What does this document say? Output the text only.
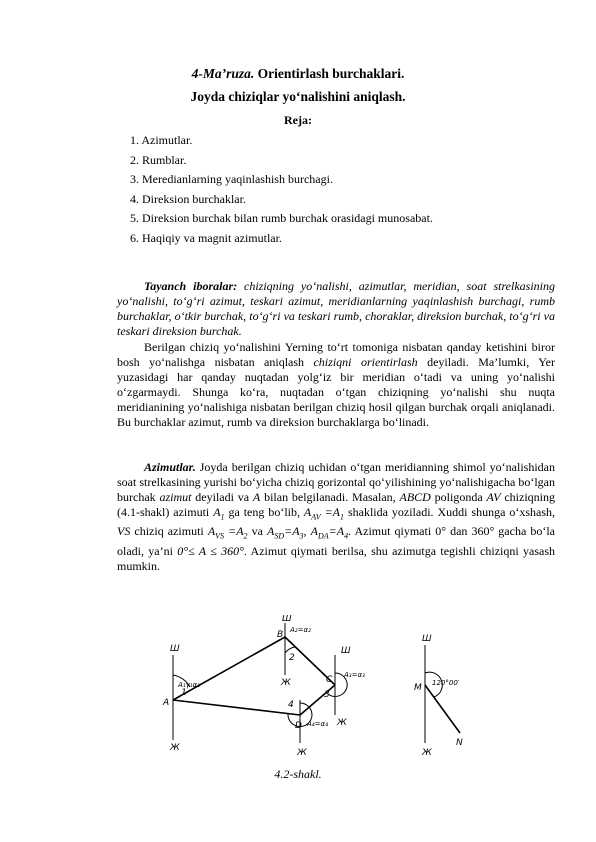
4-Ma’ruza. Orientirlash burchaklari.
Joyda chiziqlar yo‘nalishini aniqlash.
Reja:
1. Azimutlar.
2. Rumblar.
3. Meredianlarning yaqinlashish burchagi.
4. Direksion burchaklar.
5. Direksion burchak bilan rumb burchak orasidagi munosabat.
6. Haqiqiy va magnit azimutlar.

Tayanch iboralar: chiziqning yo‘nalishi, azimutlar, meridian, soat strelkasining yo‘nalishi, to‘g‘ri azimut, teskari azimut, meridianlarning yaqinlashish burchagi, rumb burchaklar, o‘tkir burchak, to‘g‘ri va teskari rumb, choraklar, direksion burchak, to‘g‘ri va teskari direksion burchak.

Berilgan chiziq yo‘nalishini Yerning to‘rt tomoniga nisbatan qanday ketishini biror bosh yo‘nalishga nisbatan aniqlash chiziqni orientirlash deyiladi. Ma’lumki, Yer yuzasidagi har qanday nuqtadan yolg‘iz bir meridian o‘tadi va uning yo‘nalishi o‘zgarmaydi. Shunga ko‘ra, nuqtadan o‘tgan chiziqning yo‘nalishi shu nuqta meridianining yo‘nalishiga nisbatan berilgan chiziq hosil qilgan burchak orqali aniqlanadi. Bu burchaklar azimut, rumb va direksion burchaklarga bo‘linadi.

Azimutlar. Joyda berilgan chiziq uchidan o‘tgan meridianning shimol yo‘nalishidan soat strelkasining yurishi bo‘yicha chiziq gorizontal qo‘yilishining yo‘nalishigacha bo‘lgan burchak azimut deyiladi va A bilan belgilanadi. Masalan, ABCD poligonda AV chiziqning (4.1-shakl) azimuti $A_1$ ga teng bo‘lib, $A_{AV} =A_1$ shaklida yoziladi. Xuddi shunga o‘xshash, VS chiziq azimuti $A_{VS} =A_2$ va $A_{SD}=A_3$, $A_{DA}=A_4$. Azimut qiymati 0° dan 360° gacha bo‘la oladi, ya’ni 0°≤ A ≤ 360°. Azimut qiymati berilsa, shu azimutga tegishli chiziqni yasash mumkin.

Ш
Ж
A
A₁γ₁α₁
Ш
B A₂=α₂
2
Ж
1
Ш
C A₃=α₃
3
Ж
4
D A₄=α₄
Ж
Ш
M 120°00′
N
Ж
4.2-shakl.
